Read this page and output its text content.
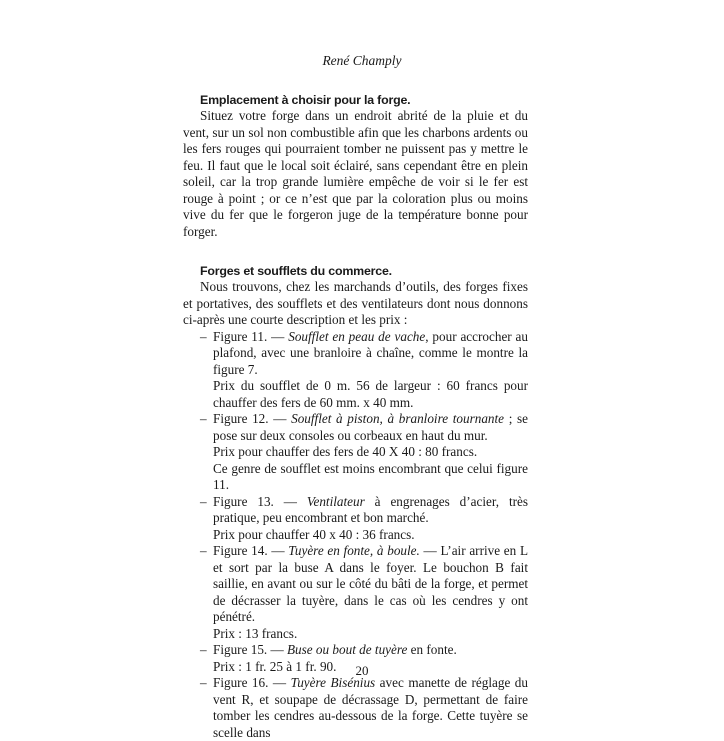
René Champly
Emplacement à choisir pour la forge.

Situez votre forge dans un endroit abrité de la pluie et du vent, sur un sol non combustible afin que les charbons ardents ou les fers rouges qui pourraient tomber ne puissent pas y mettre le feu. Il faut que le local soit éclairé, sans cependant être en plein soleil, car la trop grande lumière empêche de voir si le fer est rouge à point ; or ce n’est que par la coloration plus ou moins vive du fer que le forgeron juge de la température bonne pour forger.

Forges et soufflets du commerce.

Nous trouvons, chez les marchands d’outils, des forges fixes et portatives, des soufflets et des ventilateurs dont nous donnons ci-après une courte description et les prix :

– Figure 11. — Soufflet en peau de vache, pour accrocher au plafond, avec une branloire à chaîne, comme le montre la figure 7.

Prix du soufflet de 0 m. 56 de largeur : 60 francs pour chauffer des fers de 60 mm. x 40 mm.

– Figure 12. — Soufflet à piston, à branloire tournante ; se pose sur deux consoles ou corbeaux en haut du mur.

Prix pour chauffer des fers de 40 X 40 : 80 francs.

Ce genre de soufflet est moins encombrant que celui figure 11.

– Figure 13. — Ventilateur à engrenages d’acier, très pratique, peu encombrant et bon marché.

Prix pour chauffer 40 x 40 : 36 francs.

– Figure 14. — Tuyère en fonte, à boule. — L’air arrive en L et sort par la buse A dans le foyer. Le bouchon B fait saillie, en avant ou sur le côté du bâti de la forge, et permet de décrasser la tuyère, dans le cas où les cendres y ont pénétré.

Prix : 13 francs.

– Figure 15. — Buse ou bout de tuyère en fonte.

Prix : 1 fr. 25 à 1 fr. 90.

– Figure 16. — Tuyère Bisénius avec manette de réglage du vent R, et soupape de décrassage D, permettant de faire tomber les cendres au-dessous de la forge. Cette tuyère se scelle dans

20
